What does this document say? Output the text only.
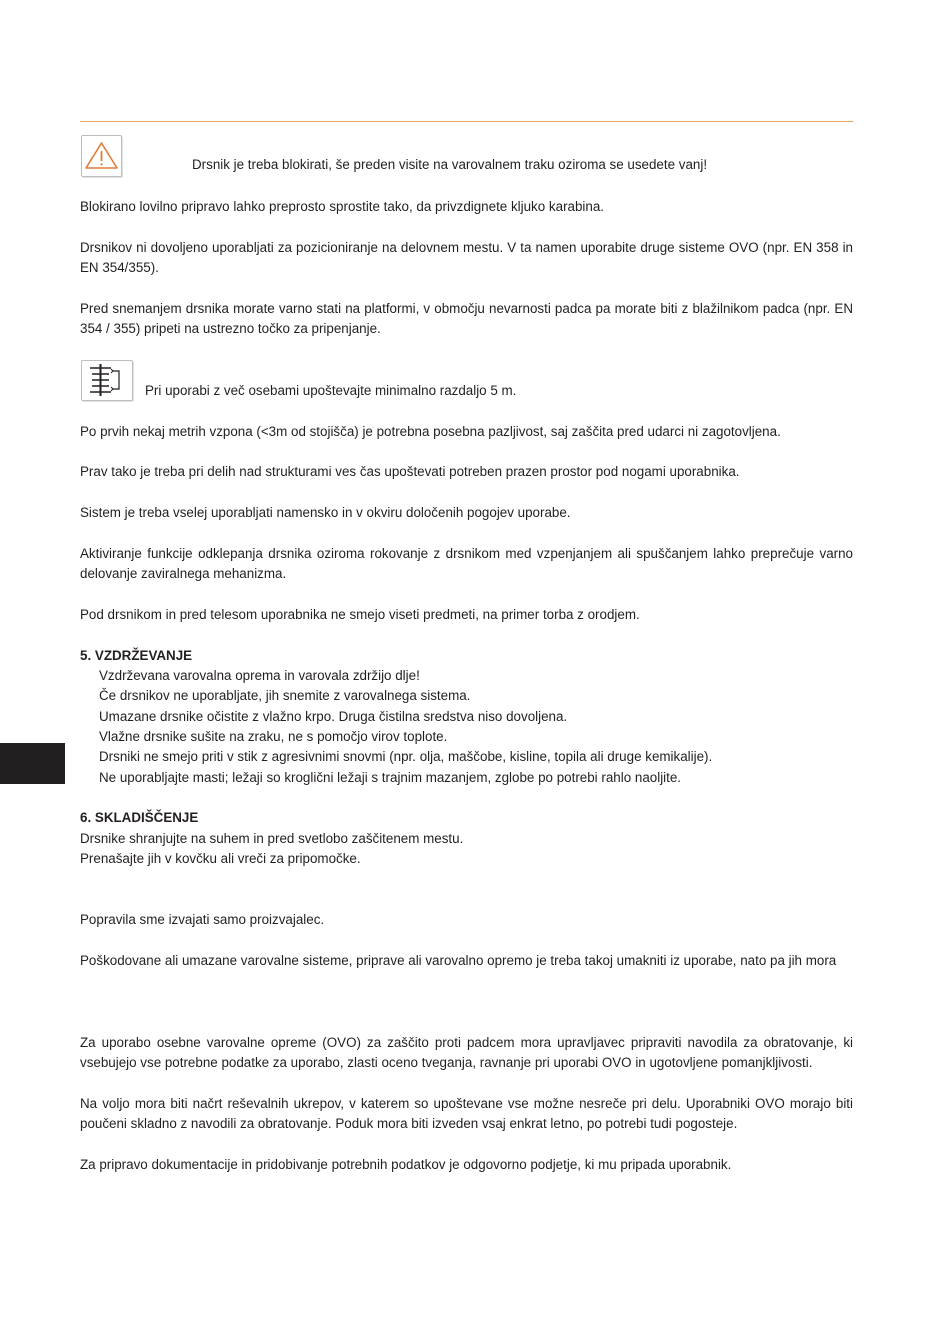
Drsnik je treba blokirati, še preden visite na varovalnem traku oziroma se usedete vanj!

Blokirano lovilno pripravo lahko preprosto sprostite tako, da privzdignete kljuko karabina.

Drsnikov ni dovoljeno uporabljati za pozicioniranje na delovnem mestu. V ta namen uporabite druge sisteme OVO (npr. EN 358 in EN 354/355).

Pred snemanjem drsnika morate varno stati na platformi, v območju nevarnosti padca pa morate biti z blažilnikom padca (npr. EN 354 / 355) pripeti na ustrezno točko za pripenjanje.

Pri uporabi z več osebami upoštevajte minimalno razdaljo 5 m.

Po prvih nekaj metrih vzpona (<3m od stojišča) je potrebna posebna pazljivost, saj zaščita pred udarci ni zagotovljena.

Prav tako je treba pri delih nad strukturami ves čas upoštevati potreben prazen prostor pod nogami uporabnika.

Sistem je treba vselej uporabljati namensko in v okviru določenih pogojev uporabe.

Aktiviranje funkcije odklepanja drsnika oziroma rokovanje z drsnikom med vzpenjanjem ali spuščanjem lahko preprečuje varno delovanje zaviralnega mehanizma.

Pod drsnikom in pred telesom uporabnika ne smejo viseti predmeti, na primer torba z orodjem.

5. VZDRŽEVANJE

Vzdrževana varovalna oprema in varovala zdržijo dlje!

Če drsnikov ne uporabljate, jih snemite z varovalnega sistema.

Umazane drsnike očistite z vlažno krpo. Druga čistilna sredstva niso dovoljena.

Vlažne drsnike sušite na zraku, ne s pomočjo virov toplote.

Drsniki ne smejo priti v stik z agresivnimi snovmi (npr. olja, maščobe, kisline, topila ali druge kemikalije).

Ne uporabljajte masti; ležaji so kroglični ležaji s trajnim mazanjem, zglobe po potrebi rahlo naoljite.

6. SKLADIŠČENJE

Drsnike shranjujte na suhem in pred svetlobo zaščitenem mestu.

Prenašajte jih v kovčku ali vreči za pripomočke.

Popravila sme izvajati samo proizvajalec.

Poškodovane ali umazane varovalne sisteme, priprave ali varovalno opremo je treba takoj umakniti iz uporabe, nato pa jih mora

Za uporabo osebne varovalne opreme (OVO) za zaščito proti padcem mora upravljavec pripraviti navodila za obratovanje, ki vsebujejo vse potrebne podatke za uporabo, zlasti oceno tveganja, ravnanje pri uporabi OVO in ugotovljene pomanjkljivosti.

Na voljo mora biti načrt reševalnih ukrepov, v katerem so upoštevane vse možne nesreče pri delu. Uporabniki OVO morajo biti poučeni skladno z navodili za obratovanje. Poduk mora biti izveden vsaj enkrat letno, po potrebi tudi pogosteje.

Za pripravo dokumentacije in pridobivanje potrebnih podatkov je odgovorno podjetje, ki mu pripada uporabnik.
